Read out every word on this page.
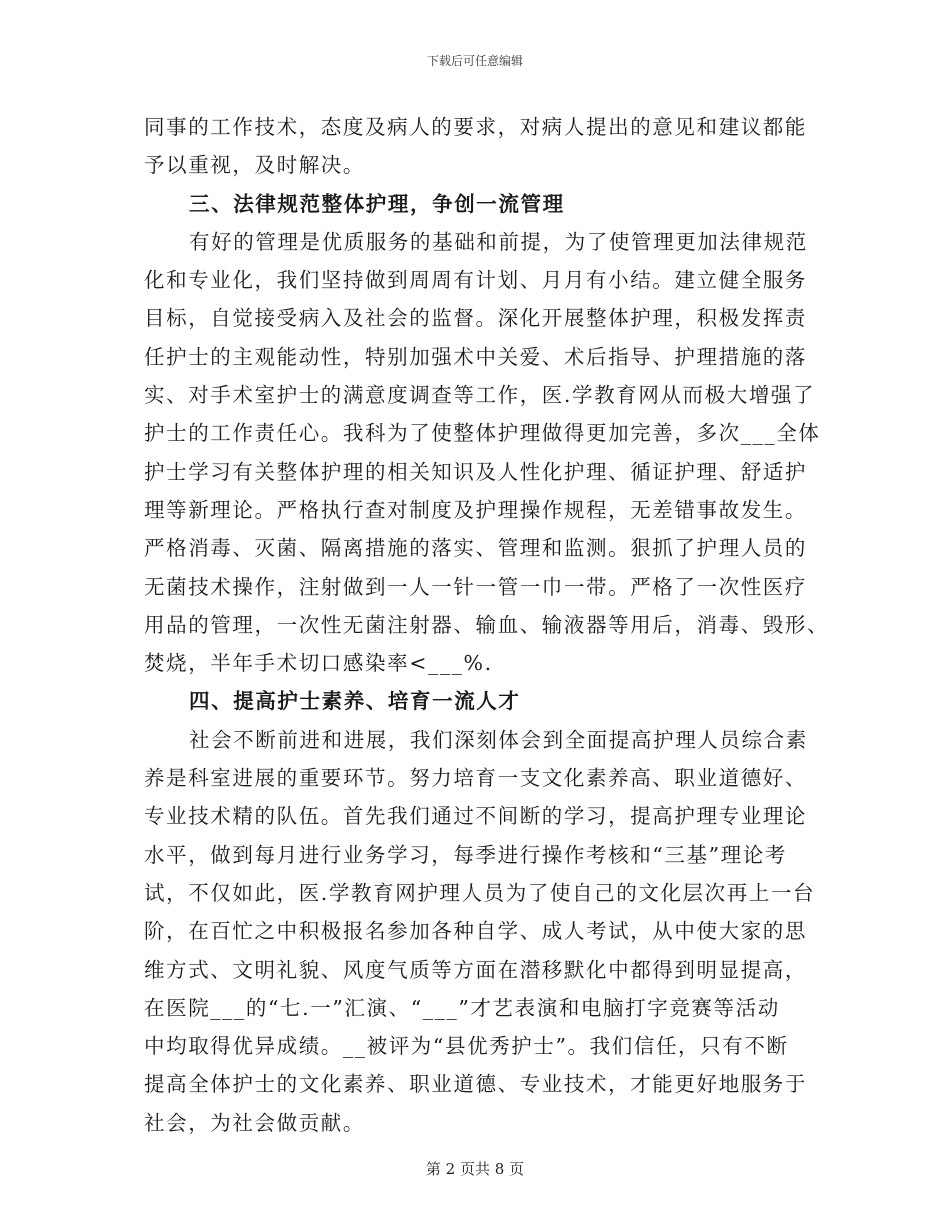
下载后可任意编辑
同事的工作技术，态度及病人的要求，对病人提出的意见和建议都能
予以重视，及时解决。
三、法律规范整体护理，争创一流管理
有好的管理是优质服务的基础和前提，为了使管理更加法律规范
化和专业化，我们坚持做到周周有计划、月月有小结。建立健全服务
目标，自觉接受病入及社会的监督。深化开展整体护理，积极发挥责
任护士的主观能动性，特别加强术中关爱、术后指导、护理措施的落
实、对手术室护士的满意度调查等工作，医.学教育网从而极大增强了
护士的工作责任心。我科为了使整体护理做得更加完善，多次___全体
护士学习有关整体护理的相关知识及人性化护理、循证护理、舒适护
理等新理论。严格执行查对制度及护理操作规程，无差错事故发生。
严格消毒、灭菌、隔离措施的落实、管理和监测。狠抓了护理人员的
无菌技术操作，注射做到一人一针一管一巾一带。严格了一次性医疗
用品的管理，一次性无菌注射器、输血、输液器等用后，消毒、毁形、
焚烧，半年手术切口感染率<___%.
四、提高护士素养、培育一流人才
社会不断前进和进展，我们深刻体会到全面提高护理人员综合素
养是科室进展的重要环节。努力培育一支文化素养高、职业道德好、
专业技术精的队伍。首先我们通过不间断的学习，提高护理专业理论
水平，做到每月进行业务学习，每季进行操作考核和“三基”理论考
试，不仅如此，医.学教育网护理人员为了使自己的文化层次再上一台
阶，在百忙之中积极报名参加各种自学、成人考试，从中使大家的思
维方式、文明礼貌、风度气质等方面在潜移默化中都得到明显提高，
在医院___的“七.一”汇演、“___”才艺表演和电脑打字竞赛等活动
中均取得优异成绩。__被评为“县优秀护士”。我们信任，只有不断
提高全体护士的文化素养、职业道德、专业技术，才能更好地服务于
社会，为社会做贡献。
第 2 页共 8 页
